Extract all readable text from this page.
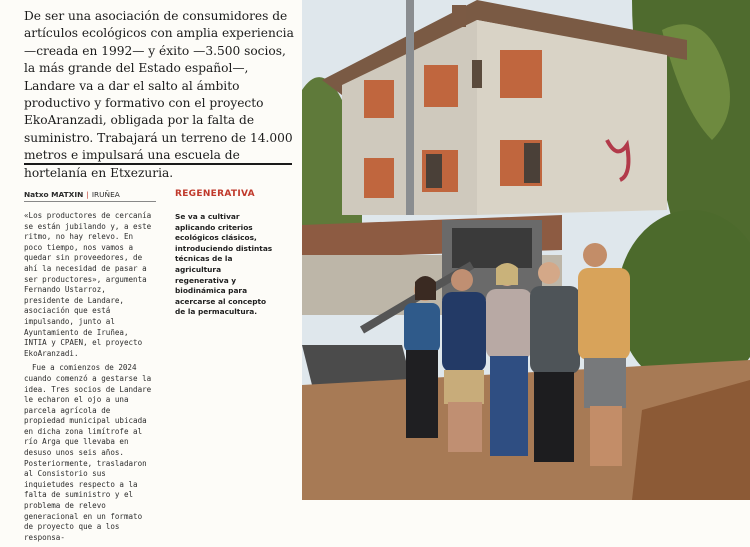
De ser una asociación de consumidores de artículos ecológicos con amplia experiencia —creada en 1992— y éxito —3.500 socios, la más grande del Estado español—, Landare va a dar el salto al ámbito productivo y formativo con el proyecto EkoAranzadi, obligada por la falta de suministro. Trabajará un terreno de 14.000 metros e impulsará una escuela de hortelanía en Etxezuria.

Natxo MATXIN | IRUÑEA

«Los productores de cercanía se están jubilando y, a este ritmo, no hay relevo. En poco tiempo, nos vamos a quedar sin proveedores, de ahí la necesidad de pasar a ser productores», argumenta Fernando Ustarroz, presidente de Landare, asociación que está impulsando, junto al Ayuntamiento de Iruñea, INTIA y CPAEN, el proyecto EkoAranzadi.

Fue a comienzos de 2024 cuando comenzó a gestarse la idea. Tres socios de Landare le echaron el ojo a una parcela agrícola de propiedad municipal ubicada en dicha zona limítrofe al río Arga que llevaba en desuso unos seis años. Posteriormente, trasladaron al Consistorio sus inquietudes respecto a la falta de suministro y el problema de relevo generacional en un formato de proyecto que a los responsa-

REGENERATIVA

Se va a cultivar aplicando criterios ecológicos clásicos, introduciendo distintas técnicas de la agricultura regenerativa y biodinámica para acercarse al concepto de la permacultura.
